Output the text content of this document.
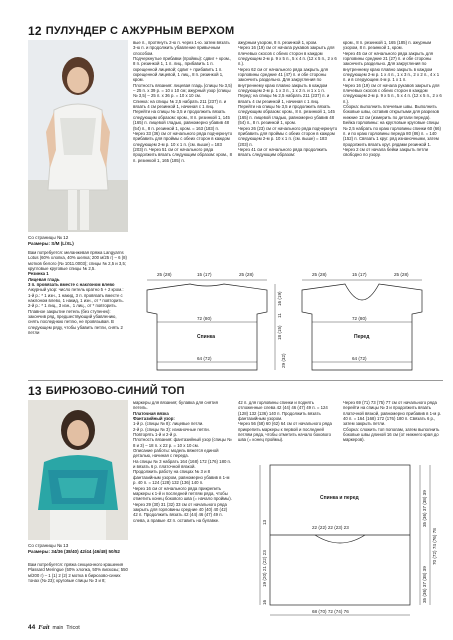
12 ПУЛУНДЕР С АЖУРНЫМ ВЕРХОМ
Со страницы № 12
Размеры: S/M (L/XL)

Вам потребуется: меланжевая пряжа Langyarns Lotus (60% хлопка, 40% шелка; 200 м/25 г) – 6 (8) мотков белого (№ 1011.0003); спицы № 2,5 и 3,5; кругловые круговые спицы № 2,5.

Резинка 1

Лицевая гладь

3 п. провязать вместе с наклоном влево

Ажурный узор: число петель кратно 5 + 2 кром.:

1-й р.: * 1 изн., 1 накид, 3 п. провязать вместе с наклоном влево, 1 накид, 1 изн., от * повторить.

2-й р.: * 1 лиц., 3 изн., 1 лиц., от * повторить.

Плавное закрытие петель (без ступенек): закончив ряд, предшествующий убавлению, снять последнюю петлю, не провязывая. В следующем ряду, чтобы убавить петли, снять 2 петли

вые п., протянуть 2-ю п. через 1-ю. затем вязать 3-ю п. и продолжить убавление привычным способом.

Подчеркнутые прибавки (проймы): сдвиг + кром., 8 п. резинкой 1, 1 п. лиц., прибавить 1 п. скрещенной лицевой; сдвиг + прибавить 1 п. скрещенной лицевой, 1 лиц., 8 п. резинкой 1, кром.

Плотность вязания: лицевая гладь (спицы № 3,5) – 25 п. х 39 р. = 10 х 10 см; ажурный узор (спицы № 3,5) – 25 п. х 36 р. = 10 х 10 см.

Спинка: на спицы № 2,5 набрать 211 (237) п. и вязать 4 см резинкой 1, начиная с 1 лиц.

Перейти на спицы № 3,5 и продолжить вязать следующим образом: кром., 8 п. резинкой 1, 145 (165) п. лицевой гладью, равномерно убавив 48 (54) п., 8 п. резинкой 1, кром. = 163 (183) п.

Через 33 (36) см от начального ряда подчеркнуто прибавить для проймы с обеих сторон в каждом следующем 2-м р. 10 х 1 п. (см. выше) = 183 (203) п. Через 51 см от начального ряда продолжить вязать следующим образом: кром., 8 п. резинкой 1, 165 (185) п.

ажурным узором, 8 п. резинкой 1, кром.

Через 16 (19) см от начала рукавов закрыть для плечевых скосов с обеих сторон в каждом следующем 2-м р. 9 х 5 п., 5 х 4 п. (12 х 5 п., 2 х 6 п.).

Через 62 см от начального ряда закрыть для горловины средние 41 (47) п. и обе стороны закончить раздельно. Для закругления по внутреннему краю плавно закрыть в каждом следующем 2-м р. 1 х 3 п., 1 х 2 п. и 1 х 1 п.

Перед: на спицы № 2,5 набрать 211 (237) п. и вязать 4 см резинкой 1, начиная с 1 лиц.

Перейти на спицы № 3,5 и продолжить вязать следующим образом: кром., 8 п. резинкой 1, 145 (165) п. лицевой гладью, равномерно убавив 48 (54) п., 8 п. резинкой 1, кром.

Через 26 (23) см от начального ряда подчеркнуто прибавить для проймы с обеих сторон в каждом следующем 2-м р. 10 х 1 п. (см. выше) = 183 (203) п.

Через 41 см от начального ряда продолжить вязать следующим образом:

кром., 8 п. резинкой 1, 165 (185) п. ажурным узором, 8 п. резинкой 1, кром.

Через 45 см от начального ряда закрыть для горловины средние 21 (27) п. и обе стороны закончить раздельно. Для закругления по внутреннему краю плавно закрыть в каждом следующем 2-м р. 1 х 4 п., 1 х 3 п., 2 х 2 п., 4 х 1 п. и в следующем 4-м р. 1 х 1 п.

Через 16 (19) см от начала рукавов закрыть для плечевых скосов с обеих сторон в каждом следующем 2-м р. 9 х 5 п., 5 х 4 п. (12 х 5 п., 2 х 6 п.).

Сборка: выполнить плечевые швы. Выполнить боковые швы, оставив открытыми для разрезов нижние 12 см (измерить по детали переда).

Бейка горловины: на кругловые круговые спицы № 2,5 набрать по краю горловины спинки 60 (66) п. и по краю горловины переда 80 (86) п. = 140 (152) п. Связать 1 круг. ряд изнаночными, затем продолжить вязать круг. рядами резинкой 1. Через 2 см от начала бейки закрыть петли свободно по узору.

25 (28)	15 (17)	25 (28)
72 (80)
Спинка
64 (72)
16 (19)
11
18 (15)
29 (32)
25 (28)	15 (17)	25 (28)
72 (80)
Перед
64 (72)
13 БИРЮЗОВО-СИНИЙ ТОП
Со страницы № 13
Размеры: 34/36 (38/40) 42/44 (46/48) 50/52

Вам потребуется: пряжа секционного крашения Plassard Meringue (50% хлопка, 50% вискозы; 550 м/200 г) – 1 (1) 2 (2) 2 мотка в бирюзово-синих тонах (№ 23); круговые спицы № 3 и 8;

маркеры для вязания; булавка для снятия петель.

Платочная вязка

Фантазийный узор:

1-й р. (спицы № 8): лицевые петли.

2-й р. (спицы № 3): изнаночные петли.

Повторять 1-й и 2-й р.

Плотность вязания: фантазийный узор (спицы № 8 и 3) – 18 п. х 22 р. = 10 х 10 см.

Описание работы: модель вяжется единой деталью, начиная с переда.

На спицы № 3 набрать 164 (168) 172 (176) 180 п. и вязать 6 р. платочной вязкой.

Продолжить работу на спицах № 3 и 8 фантазийным узором, равномерно убавив в 1-м р. 40 п. = 124 (128) 132 (136) 140 п.

Через 16 см от начального ряда прикрепить маркеры к 1-й и последней петлям ряда, чтобы отметить конец бокового шва (= начало проймы).

Через 29 (30) 31 (32) 33 см от начального ряда закрыть для горловины средние 40 (40) 40 (42) 42 п. Продолжить вязать 42 (44) 46 (47) 49 п. слева, а правые 42 п. оставить на булавке.

42 п. для горловины спинки и поднять отложенные слева 42 (44) 46 (47) 49 п. = 124 (128) 132 (136) 140 п. Продолжить вязать фантазийным узором.

Через 56 (58) 60 (62) 64 см от начального ряда прикрепить маркеры к первой и последней петлям ряда, чтобы отметить начало бокового шва (= конец проймы).

Через 69 (71) 73 (75) 77 см от начального ряда перейти на спицы № 3 и продолжить вязать платочной вязкой, равномерно прибавив в 1-м р. 40 п. = 164 (168) 172 (176) 180 п. Связать 6 р., затем закрыть петли.

Сборка: сложить топ пополам, затем выполнить боковые швы длиной 16 см (от нижнего края до маркеров).

Спинка и перед
22 (22) 22 (23) 23
68 (70) 72 (74) 76
13
19 (20) 21 (22) 23
16
35 (36) 37 (38) 39
70 (72) 74 (76) 78
35 (36) 37 (38) 39
44 Fait main Tricot
